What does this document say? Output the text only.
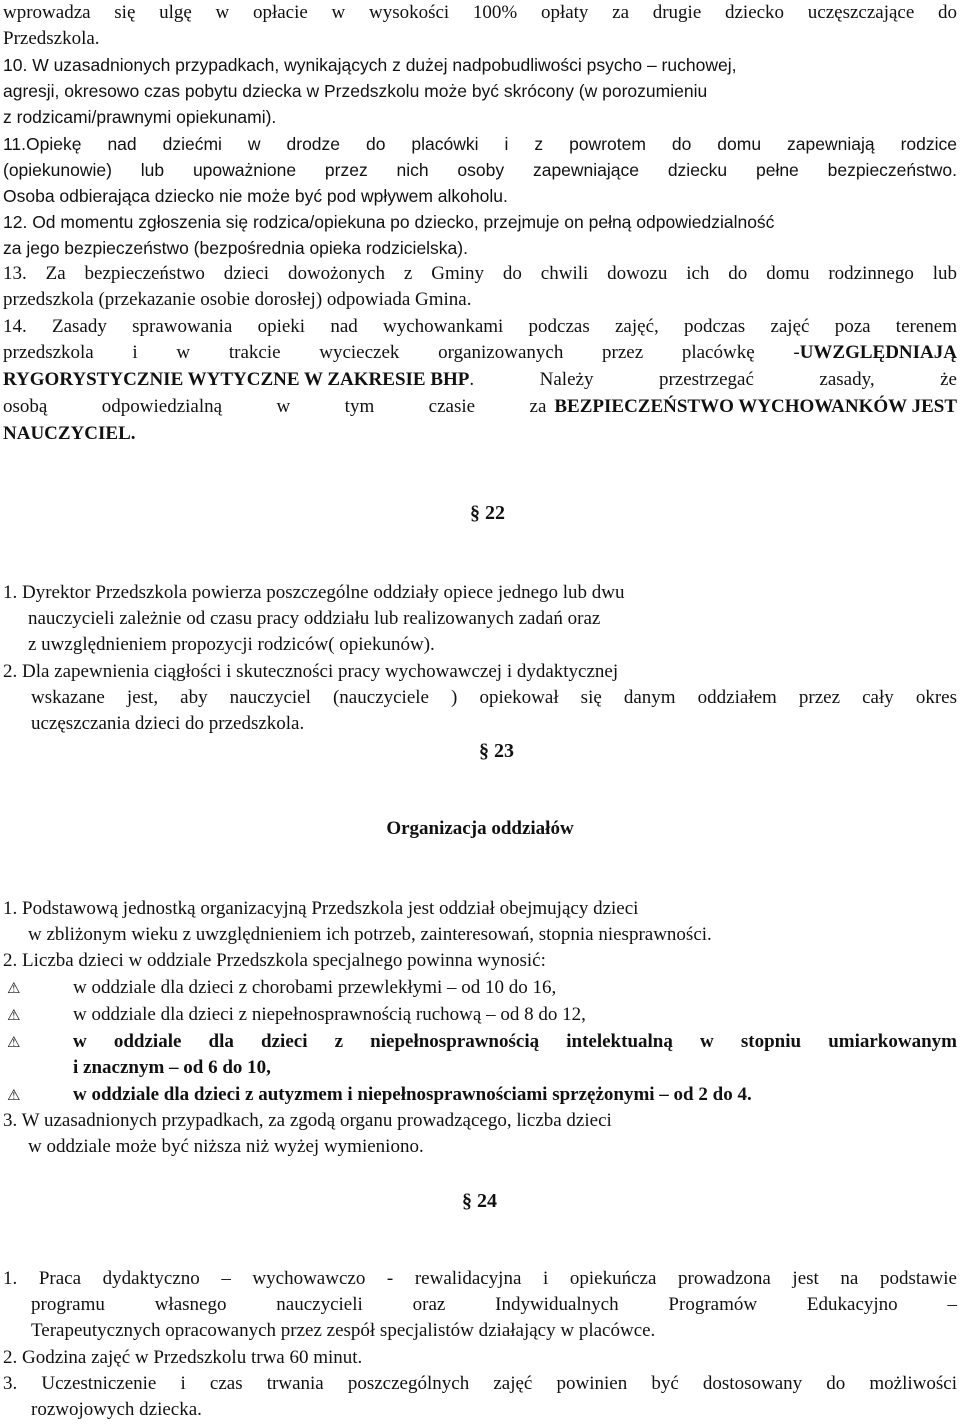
wprowadza się ulgę w opłacie w wysokości 100% opłaty za drugie dziecko uczęszczające do
Przedszkola.
10. W uzasadnionych przypadkach, wynikających z dużej nadpobudliwości psycho – ruchowej,
agresji, okresowo czas pobytu dziecka w Przedszkolu może być skrócony (w porozumieniu
z rodzicami/prawnymi opiekunami).
11.Opiekę nad dziećmi w drodze do placówki i z powrotem do domu zapewniają rodzice
(opiekunowie) lub upoważnione przez nich osoby zapewniające dziecku pełne bezpieczeństwo.
Osoba odbierająca dziecko nie może być pod wpływem alkoholu.
12. Od momentu zgłoszenia się rodzica/opiekuna po dziecko, przejmuje on pełną odpowiedzialność
za jego bezpieczeństwo (bezpośrednia opieka rodzicielska).
13. Za bezpieczeństwo dzieci dowożonych z Gminy do chwili dowozu ich do domu rodzinnego lub
przedszkola (przekazanie osobie dorosłej) odpowiada Gmina.
14. Zasady sprawowania opieki nad wychowankami podczas zajęć, podczas zajęć poza terenem
przedszkola i w trakcie wycieczek organizowanych przez placówkę - UWZGLĘDNIAJĄ
RYGORYSTYCZNIE WYTYCZNE W ZAKRESIE BHP . Należy przestrzegać zasady, że
osobą odpowiedzialną w tym czasie za BEZPIECZEŃSTWO WYCHOWANKÓW JEST
NAUCZYCIEL.
§ 22
1. Dyrektor Przedszkola powierza poszczególne oddziały opiece jednego lub dwu
nauczycieli zależnie od czasu pracy oddziału lub realizowanych zadań oraz
z uwzględnieniem propozycji rodziców( opiekunów).
2. Dla zapewnienia ciągłości i skuteczności pracy wychowawczej i dydaktycznej
wskazane jest, aby nauczyciel (nauczyciele ) opiekował się danym oddziałem przez cały okres
uczęszczania dzieci do przedszkola.
§ 23
Organizacja oddziałów
1. Podstawową jednostką organizacyjną Przedszkola jest oddział obejmujący dzieci
w zbliżonym wieku z uwzględnieniem ich potrzeb, zainteresowań, stopnia niesprawności.
2. Liczba dzieci w oddziale Przedszkola specjalnego powinna wynosić:
⚠	w oddziale dla dzieci z chorobami przewlekłymi – od 10 do 16,
⚠	w oddziale dla dzieci z niepełnosprawnością ruchową – od 8 do 12,
⚠	w oddziale dla dzieci z niepełnosprawnością intelektualną w stopniu umiarkowanym
i znacznym – od 6 do 10,
⚠	w oddziale dla dzieci z autyzmem i niepełnosprawnościami sprzężonymi – od 2 do 4.
3. W uzasadnionych przypadkach, za zgodą organu prowadzącego, liczba dzieci
w oddziale może być niższa niż wyżej wymieniono.
§ 24
1. Praca dydaktyczno – wychowawczo - rewalidacyjna i opiekuńcza prowadzona jest na podstawie
programu własnego nauczycieli oraz Indywidualnych Programów Edukacyjno –
Terapeutycznych opracowanych przez zespół specjalistów działający w placówce.
2. Godzina zajęć w Przedszkolu trwa 60 minut.
3. Uczestniczenie i czas trwania poszczególnych zajęć powinien być dostosowany do możliwości
rozwojowych dziecka.
